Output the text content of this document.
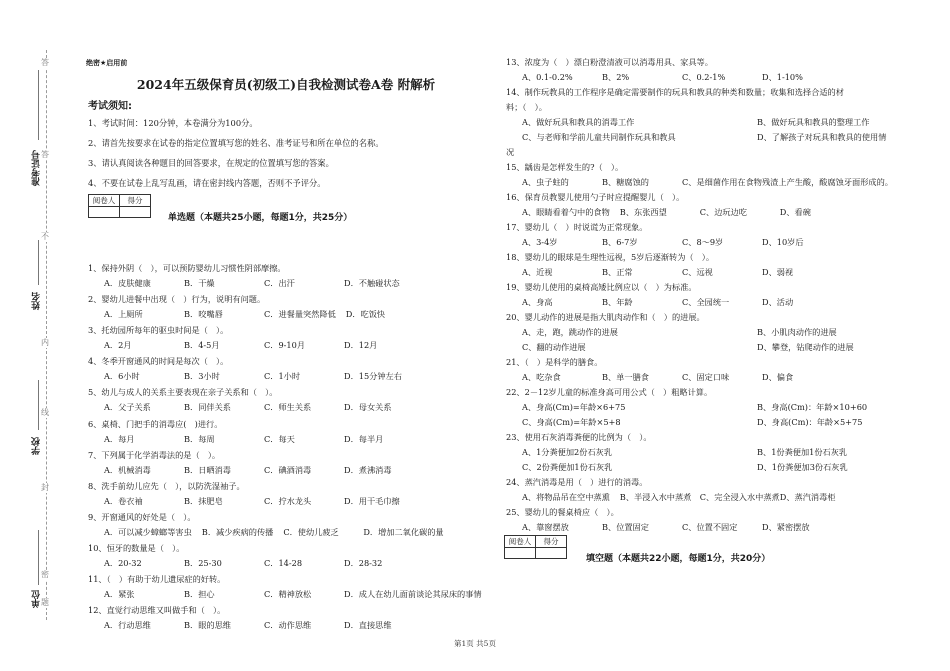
答
答
不
内
线
封
密
题
准考证号
姓名
学校
单位
绝密★启用前
2024年五级保育员(初级工)自我检测试卷A卷 附解析
考试须知:
1、考试时间：120分钟，本卷满分为100分。
2、请首先按要求在试卷的指定位置填写您的姓名、准考证号和所在单位的名称。
3、请认真阅读各种题目的回答要求，在规定的位置填写您的答案。
4、不要在试卷上乱写乱画，请在密封线内答题，否则不予评分。
阅卷人	得分

单选题（本题共25小题，每题1分，共25分）
1、保持外阴（　），可以预防婴幼儿习惯性阴部摩擦。
A．皮肤健康	B．干燥	C．出汗	D．不触碰状态
2、婴幼儿进餐中出现（　）行为，说明有问题。
A．上厕所	B．咬嘴唇	C．进餐量突然降低 D．吃饭快
3、托幼园所每年的驱虫时间是（　）。
A．2月	B．4-5月	C．9-10月	D．12月
4、冬季开窗通风的时间是每次（　）。
A．6小时	B．3小时	C．1小时	D．15分钟左右
5、幼儿与成人的关系主要表现在亲子关系和（　）。
A．父子关系	B．同伴关系	C．师生关系	D．母女关系
6、桌椅、门把手的消毒应(　)进行。
A．每月	B．每周	C．每天	D．每半月
7、下列属于化学消毒法的是（　）。
A．机械消毒	B．日晒消毒	C．碘酒消毒	D．煮沸消毒
8、洗手前幼儿应先（　），以防洗湿袖子。
A．卷衣袖	B．抹肥皂	C．拧水龙头	D．用干毛巾擦
9、开窗通风的好处是（　）。
A．可以减少蟑螂等害虫 B．减少疾病的传播 C．使幼儿疲乏	D．增加二氧化碳的量
10、恒牙的数量是（　）。
A．20-32	B．25-30	C．14-28	D．28-32
11、（　）有助于幼儿遗尿症的好转。
A．紧张	B．担心	C．精神放松	D．成人在幼儿面前谈论其尿床的事情
12、直觉行动思维又叫做手和（　）。
A．行动思维	B．眼的思维	C．动作思维	D．直接思维
13、浓度为（　）漂白粉澄清液可以消毒用具、家具等。
A、0.1-0.2%	B、2%	C、0.2-1%	D、1-10%
14、制作玩教具的工作程序是确定需要制作的玩具和教具的种类和数量；收集和选择合适的材
料；（　）。
A、做好玩具和教具的消毒工作	B、做好玩具和教具的整理工作
C、与老师和学前儿童共同制作玩具和教具	D、了解孩子对玩具和教具的使用情
况
15、龋齿是怎样发生的?（　）。
A、虫子蛀的	B、糖腐蚀的	C、是细菌作用在食物残渣上产生酸，酸腐蚀牙面形成的。
16、保育员教婴儿使用勺子时应提醒婴儿（　）。
A、眼睛看着勺中的食物 B、东张西望	C、边玩边吃	D、看碗
17、婴幼儿（　）时说谎为正常现象。
A、3-4岁	B、6-7岁	C、8～9岁	D、10岁后
18、婴幼儿的眼球是生理性远视，5岁后逐渐转为（　）。
A、近视	B、正常	C、远视	D、弱视
19、婴幼儿使用的桌椅高矮比例应以（　）为标准。
A、身高	B、年龄	C、全园统一	D、活动
20、婴儿动作的进展是指大肌肉动作和（　）的进展。
A、走，跑，跳动作的进展	B、小肌肉动作的进展
C、翻的动作进展	D、攀登，钻爬动作的进展
21、（　）是科学的膳食。
A、吃杂食	B、单一膳食	C、固定口味	D、偏食
22、2－12岁儿童的标准身高可用公式（　）粗略计算。
A、身高(Cm)=年龄×6+75	B、身高(Cm)：年龄×10+60
C、身高(Cm)=年龄×5+8	D、身高(Cm)：年龄×5+75
23、使用石灰消毒粪便的比例为（　）。
A、1分粪便加2份石灰乳	B、1份粪便加1份石灰乳
C、2份粪便加1份石灰乳	D、1份粪便加3份石灰乳
24、蒸汽消毒是用（　）进行的消毒。
A、将物品吊在空中蒸熏 B、半浸入水中蒸煮 C、完全浸入水中蒸煮D、蒸汽消毒柜
25、婴幼儿的餐桌椅应（　）。
A、靠窗摆放	B、位置固定	C、位置不固定	D、紧密摆放
阅卷人	得分

填空题（本题共22小题，每题1分，共20分）
第1页 共5页
